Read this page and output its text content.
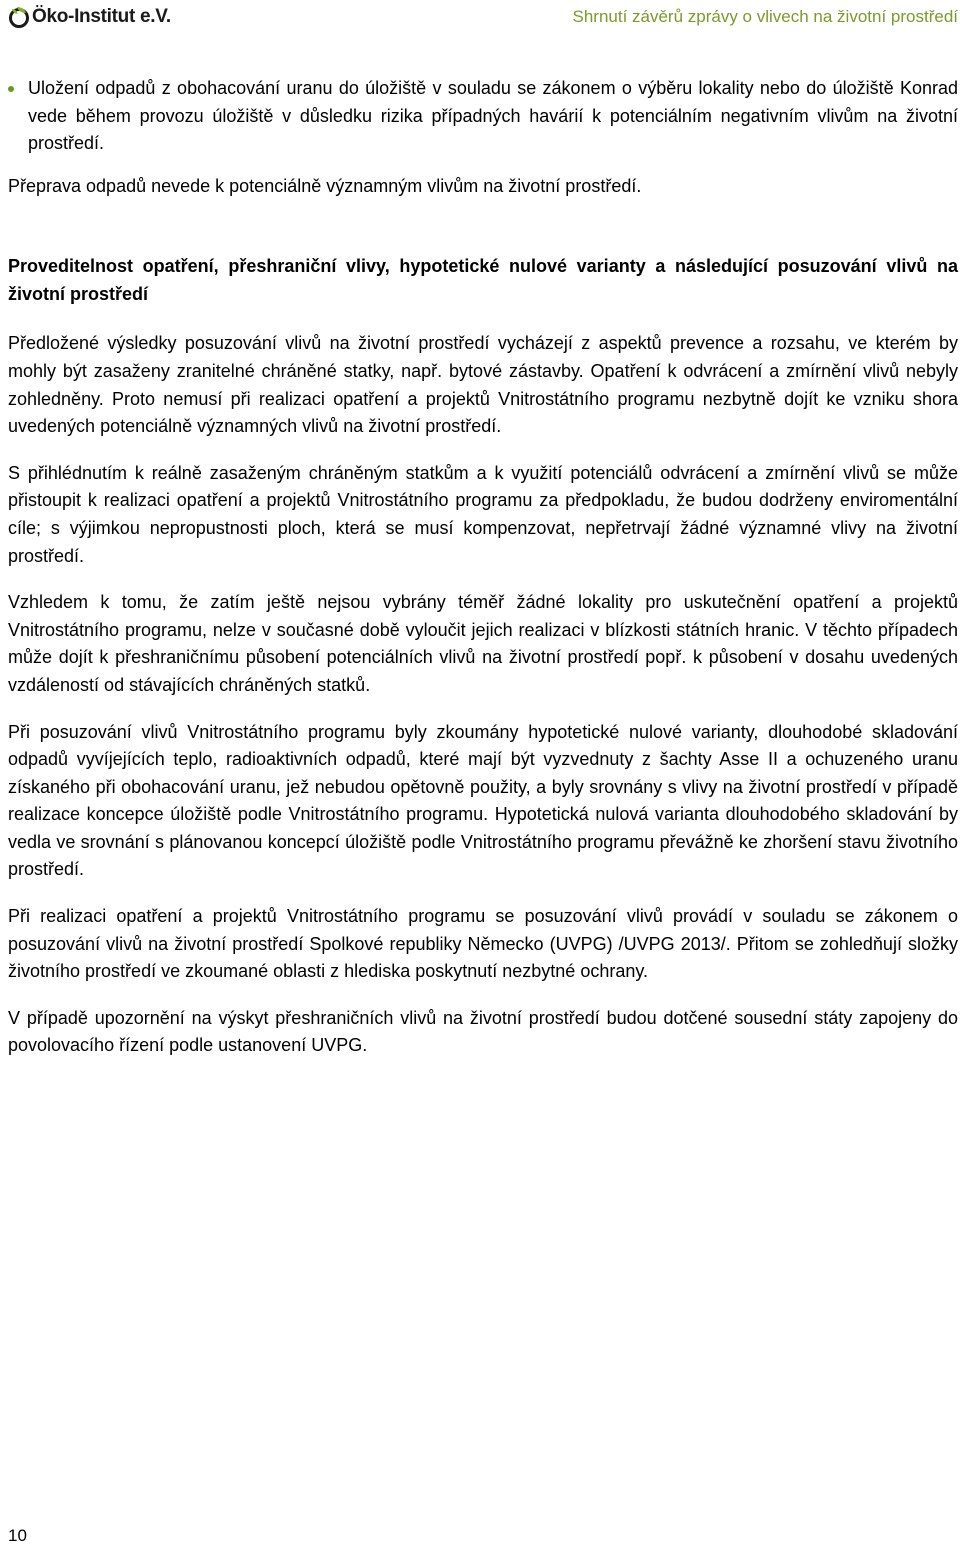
Öko-Institut e.V.	Shrnutí závěrů zprávy o vlivech na životní prostředí

Uložení odpadů z obohacování uranu do úložiště v souladu se zákonem o výběru lokality nebo do úložiště Konrad vede během provozu úložiště v důsledku rizika případných havárií k potenciálním negativním vlivům na životní prostředí.

Přeprava odpadů nevede k potenciálně významným vlivům na životní prostředí.

Proveditelnost opatření, přeshraniční vlivy, hypotetické nulové varianty a následující posuzování vlivů na životní prostředí

Předložené výsledky posuzování vlivů na životní prostředí vycházejí z aspektů prevence a rozsahu, ve kterém by mohly být zasaženy zranitelné chráněné statky, např. bytové zástavby. Opatření k odvrácení a zmírnění vlivů nebyly zohledněny. Proto nemusí při realizaci opatření a projektů Vnitrostátního programu nezbytně dojít ke vzniku shora uvedených potenciálně významných vlivů na životní prostředí.

S přihlédnutím k reálně zasaženým chráněným statkům a k využití potenciálů odvrácení a zmírnění vlivů se může přistoupit k realizaci opatření a projektů Vnitrostátního programu za předpokladu, že budou dodrženy enviromentální cíle; s výjimkou nepropustnosti ploch, která se musí kompenzovat, nepřetrvají žádné významné vlivy na životní prostředí.

Vzhledem k tomu, že zatím ještě nejsou vybrány téměř žádné lokality pro uskutečnění opatření a projektů Vnitrostátního programu, nelze v současné době vyloučit jejich realizaci v blízkosti státních hranic. V těchto případech může dojít k přeshraničnímu působení potenciálních vlivů na životní prostředí popř. k působení v dosahu uvedených vzdáleností od stávajících chráněných statků.

Při posuzování vlivů Vnitrostátního programu byly zkoumány hypotetické nulové varianty, dlouhodobé skladování odpadů vyvíjejících teplo, radioaktivních odpadů, které mají být vyzvednuty z šachty Asse II a ochuzeného uranu získaného při obohacování uranu, jež nebudou opětovně použity, a byly srovnány s vlivy na životní prostředí v případě realizace koncepce úložiště podle Vnitrostátního programu. Hypotetická nulová varianta dlouhodobého skladování by vedla ve srovnání s plánovanou koncepcí úložiště podle Vnitrostátního programu převážně ke zhoršení stavu životního prostředí.

Při realizaci opatření a projektů Vnitrostátního programu se posuzování vlivů provádí v souladu se zákonem o posuzování vlivů na životní prostředí Spolkové republiky Německo (UVPG) /UVPG 2013/. Přitom se zohledňují složky životního prostředí ve zkoumané oblasti z hlediska poskytnutí nezbytné ochrany.

V případě upozornění na výskyt přeshraničních vlivů na životní prostředí budou dotčené sousední státy zapojeny do povolovacího řízení podle ustanovení UVPG.

10
